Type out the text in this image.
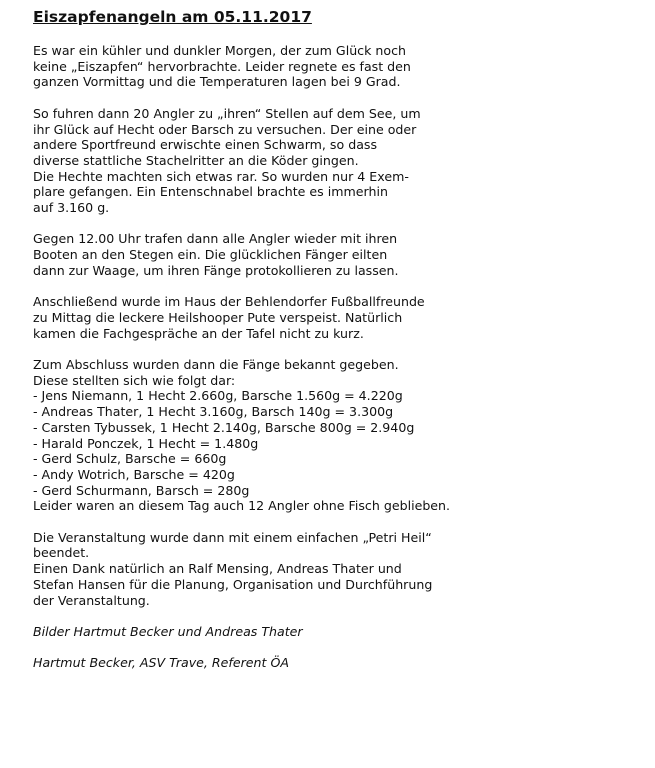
Eiszapfenangeln am 05.11.2017

Es war ein kühler und dunkler Morgen, der zum Glück noch
keine „Eiszapfen“ hervorbrachte. Leider regnete es fast den
ganzen Vormittag und die Temperaturen lagen bei 9 Grad.

So fuhren dann 20 Angler zu „ihren“ Stellen auf dem See, um
ihr Glück auf Hecht oder Barsch zu versuchen. Der eine oder
andere Sportfreund erwischte einen Schwarm, so dass
diverse stattliche Stachelritter an die Köder gingen.
Die Hechte machten sich etwas rar. So wurden nur 4 Exem-
plare gefangen. Ein Entenschnabel brachte es immerhin
auf 3.160 g.

Gegen 12.00 Uhr trafen dann alle Angler wieder mit ihren
Booten an den Stegen ein. Die glücklichen Fänger eilten
dann zur Waage, um ihren Fänge protokollieren zu lassen.

Anschließend wurde im Haus der Behlendorfer Fußballfreunde
zu Mittag die leckere Heilshooper Pute verspeist. Natürlich
kamen die Fachgespräche an der Tafel nicht zu kurz.

Zum Abschluss wurden dann die Fänge bekannt gegeben.
Diese stellten sich wie folgt dar:
- Jens Niemann, 1 Hecht 2.660g, Barsche 1.560g = 4.220g
- Andreas Thater, 1 Hecht 3.160g, Barsch 140g = 3.300g
- Carsten Tybussek, 1 Hecht 2.140g, Barsche 800g = 2.940g
- Harald Ponczek, 1 Hecht = 1.480g
- Gerd Schulz, Barsche = 660g
- Andy Wotrich, Barsche = 420g
- Gerd Schurmann, Barsch = 280g
Leider waren an diesem Tag auch 12 Angler ohne Fisch geblieben.

Die Veranstaltung wurde dann mit einem einfachen „Petri Heil“
beendet.
Einen Dank natürlich an Ralf Mensing, Andreas Thater und
Stefan Hansen für die Planung, Organisation und Durchführung
der Veranstaltung.

Bilder Hartmut Becker und Andreas Thater

Hartmut Becker, ASV Trave, Referent ÖA
